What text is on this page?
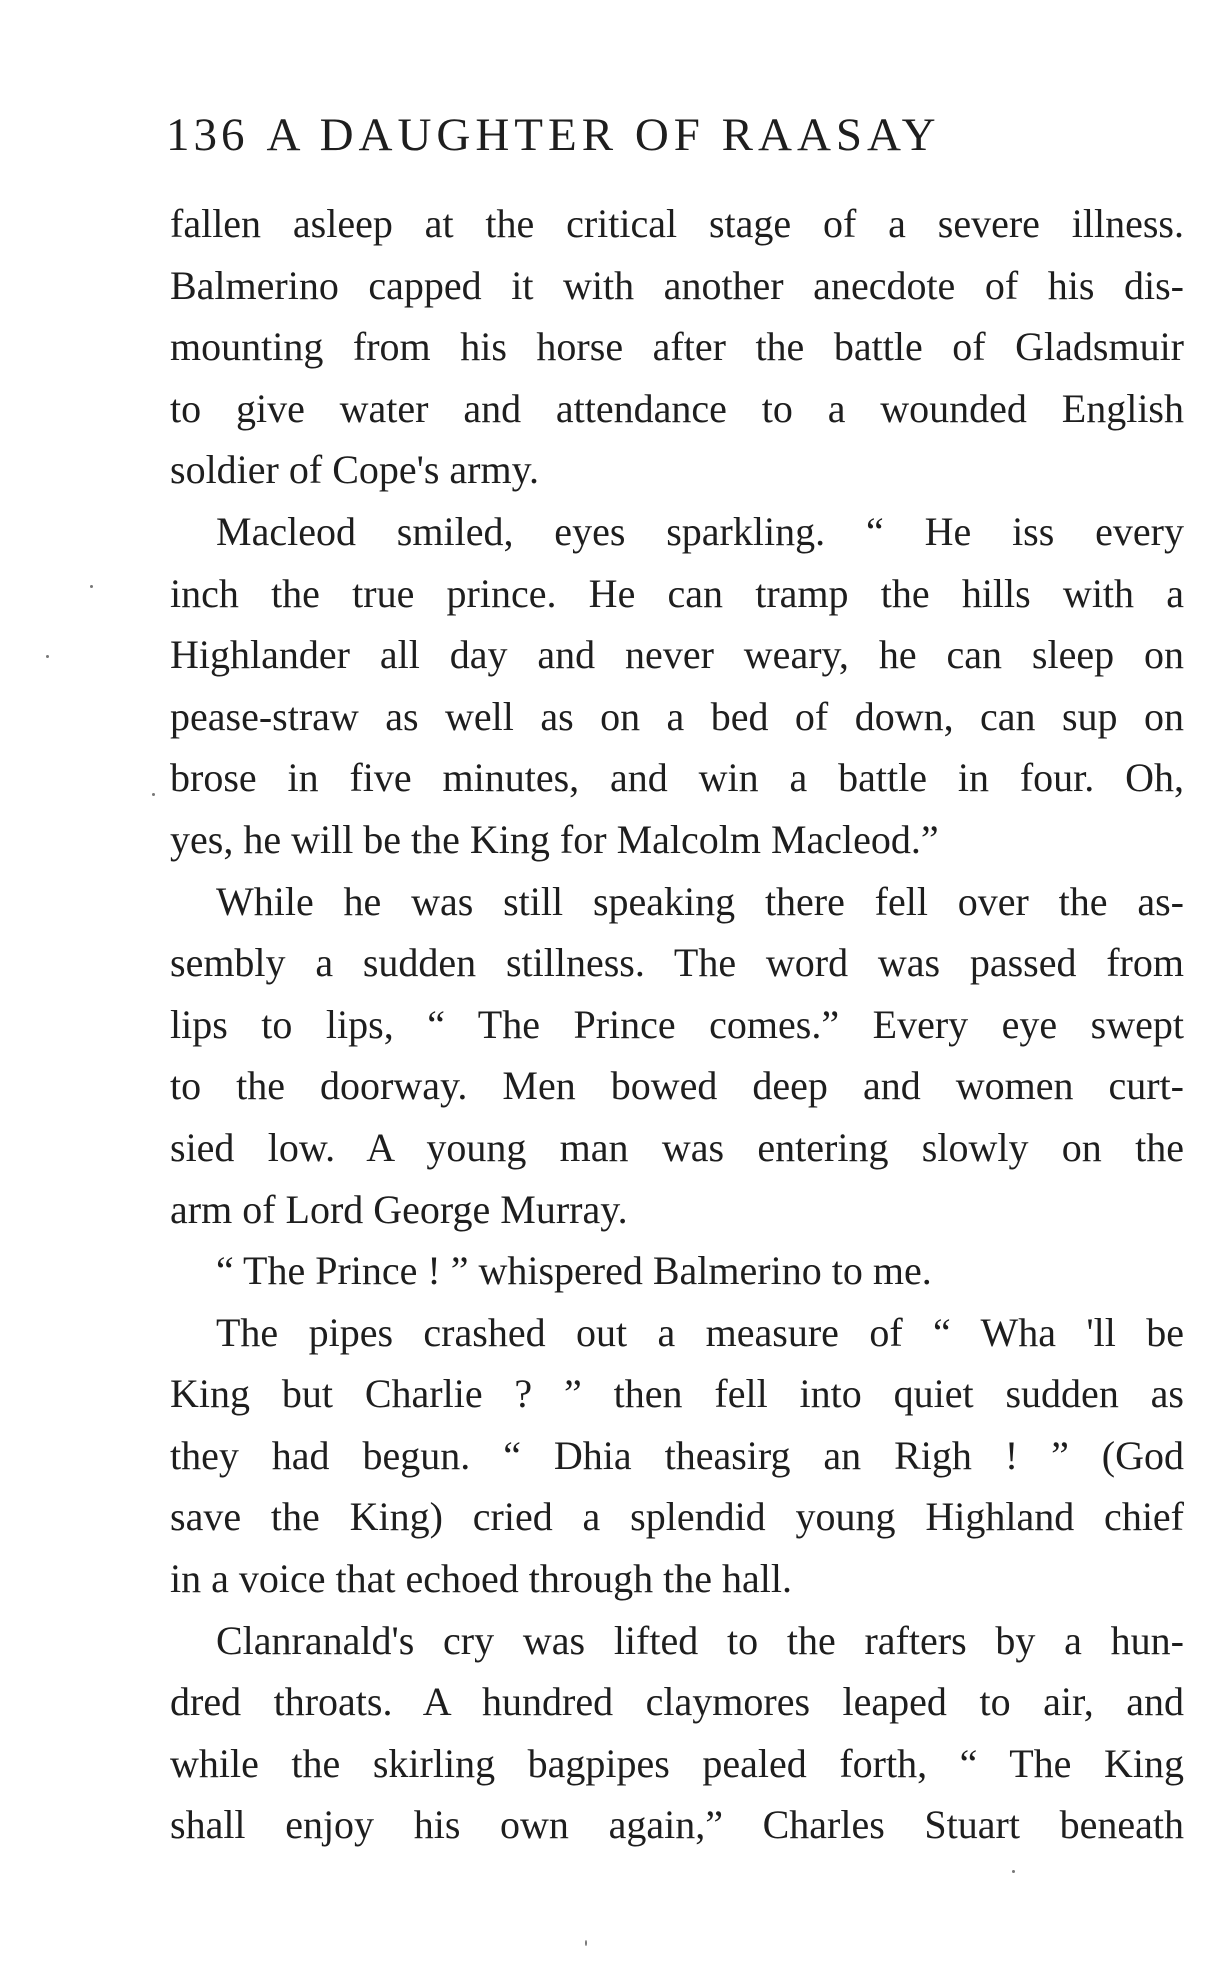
136 A DAUGHTER OF RAASAY
fallen asleep at the critical stage of a severe illness.
Balmerino capped it with another anecdote of his dis-
mounting from his horse after the battle of Gladsmuir
to give water and attendance to a wounded English
soldier of Cope's army.
Macleod smiled, eyes sparkling. “ He iss every
inch the true prince. He can tramp the hills with a
Highlander all day and never weary, he can sleep on
pease-straw as well as on a bed of down, can sup on
brose in five minutes, and win a battle in four. Oh,
yes, he will be the King for Malcolm Macleod.”
While he was still speaking there fell over the as-
sembly a sudden stillness. The word was passed from
lips to lips, “ The Prince comes.” Every eye swept
to the doorway. Men bowed deep and women curt-
sied low. A young man was entering slowly on the
arm of Lord George Murray.
“ The Prince ! ” whispered Balmerino to me.
The pipes crashed out a measure of “ Wha 'll be
King but Charlie ? ” then fell into quiet sudden as
they had begun. “ Dhia theasirg an Righ ! ” (God
save the King) cried a splendid young Highland chief
in a voice that echoed through the hall.
Clanranald's cry was lifted to the rafters by a hun-
dred throats. A hundred claymores leaped to air, and
while the skirling bagpipes pealed forth, “ The King
shall enjoy his own again,” Charles Stuart beneath
